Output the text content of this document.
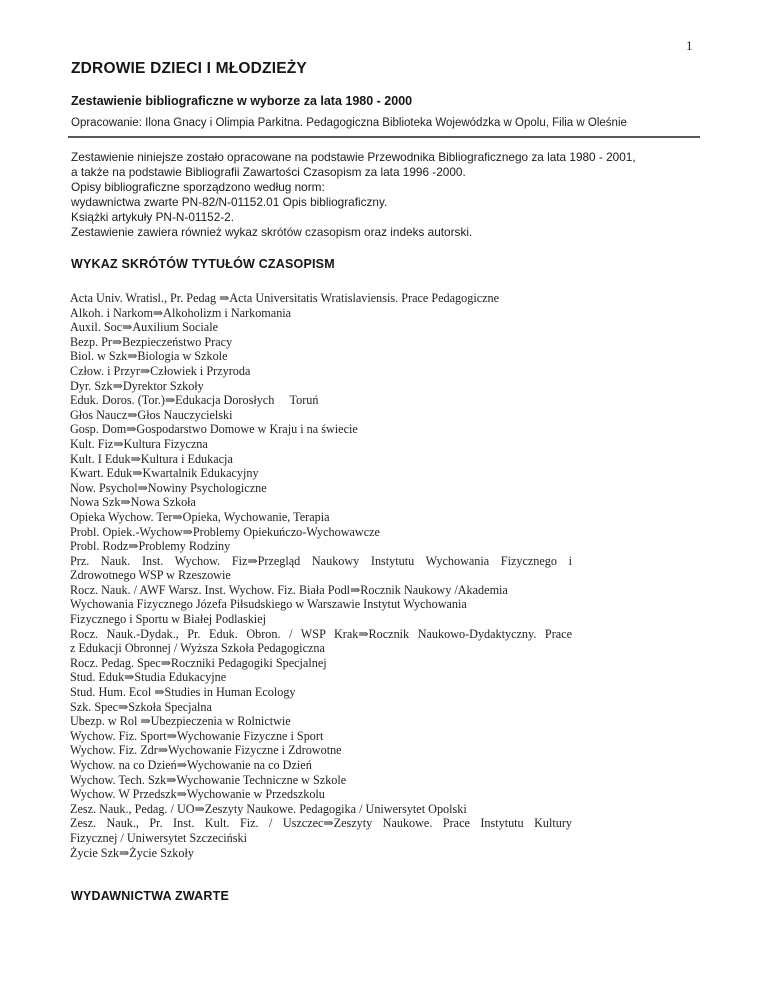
1
ZDROWIE DZIECI I MŁODZIEŻY
Zestawienie bibliograficzne w wyborze za lata 1980 - 2000
Opracowanie: Ilona Gnacy i Olimpia Parkitna. Pedagogiczna Biblioteka Wojewódzka w Opolu, Filia w Oleśnie
Zestawienie niniejsze zostało opracowane na podstawie Przewodnika Bibliograficznego za lata 1980 - 2001,
a także na podstawie Bibliografii Zawartości Czasopism za lata 1996 -2000.
Opisy bibliograficzne sporządzono według norm:
wydawnictwa zwarte PN-82/N-01152.01 Opis bibliograficzny.
Książki artykuły PN-N-01152-2.
Zestawienie zawiera również wykaz skrótów czasopism oraz indeks autorski.
WYKAZ SKRÓTÓW TYTUŁÓW CZASOPISM
Acta Univ. Wratisl., Pr. Pedag ⇒Acta Universitatis Wratislaviensis. Prace Pedagogiczne
Alkoh. i Narkom⇒Alkoholizm i Narkomania
Auxil. Soc⇒Auxilium Sociale
Bezp. Pr⇒Bezpieczeństwo Pracy
Biol. w Szk⇒Biologia w Szkole
Człow. i Przyr⇒Człowiek i Przyroda
Dyr. Szk⇒Dyrektor Szkoły
Eduk. Doros. (Tor.)⇒Edukacja Dorosłych  Toruń
Głos Naucz⇒Głos Nauczycielski
Gosp. Dom⇒Gospodarstwo Domowe w Kraju i na świecie
Kult. Fiz⇒Kultura Fizyczna
Kult. I Eduk⇒Kultura i Edukacja
Kwart. Eduk⇒Kwartalnik Edukacyjny
Now. Psychol⇒Nowiny Psychologiczne
Nowa Szk⇒Nowa Szkoła
Opieka Wychow. Ter⇒Opieka, Wychowanie, Terapia
Probl. Opiek.-Wychow⇒Problemy Opiekuńczo-Wychowawcze
Probl. Rodz⇒Problemy Rodziny
Prz. Nauk. Inst. Wychow. Fiz⇒Przegląd Naukowy Instytutu Wychowania Fizycznego i
Zdrowotnego WSP w Rzeszowie
Rocz. Nauk. / AWF Warsz. Inst. Wychow. Fiz. Biała Podl⇒Rocznik Naukowy /Akademia
Wychowania Fizycznego Józefa Piłsudskiego w Warszawie Instytut Wychowania
Fizycznego i Sportu w Białej Podlaskiej
Rocz. Nauk.-Dydak., Pr. Eduk. Obron. / WSP Krak⇒Rocznik Naukowo-Dydaktyczny. Prace
z Edukacji Obronnej / Wyższa Szkoła Pedagogiczna
Rocz. Pedag. Spec⇒Roczniki Pedagogiki Specjalnej
Stud. Eduk⇒Studia Edukacyjne
Stud. Hum. Ecol ⇒Studies in Human Ecology
Szk. Spec⇒Szkoła Specjalna
Ubezp. w Rol ⇒Ubezpieczenia w Rolnictwie
Wychow. Fiz. Sport⇒Wychowanie Fizyczne i Sport
Wychow. Fiz. Zdr⇒Wychowanie Fizyczne i Zdrowotne
Wychow. na co Dzień⇒Wychowanie na co Dzień
Wychow. Tech. Szk⇒Wychowanie Techniczne w Szkole
Wychow. W Przedszk⇒Wychowanie w Przedszkolu
Zesz. Nauk., Pedag. / UO⇒Zeszyty Naukowe. Pedagogika / Uniwersytet Opolski
Zesz. Nauk., Pr. Inst. Kult. Fiz. / Uszczec⇒Zeszyty Naukowe. Prace Instytutu Kultury
Fizycznej / Uniwersytet Szczeciński
Życie Szk⇒Życie Szkoły
WYDAWNICTWA ZWARTE
